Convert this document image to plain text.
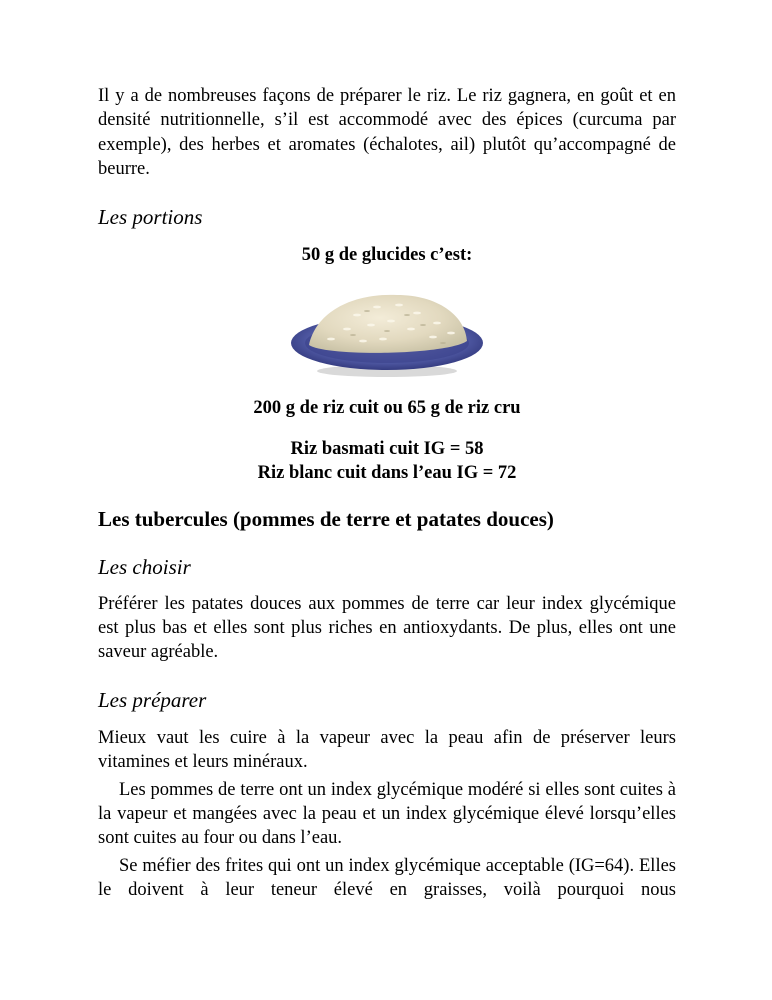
Il y a de nombreuses façons de préparer le riz. Le riz gagnera, en goût et en densité nutritionnelle, s’il est accommodé avec des épices (curcuma par exemple), des herbes et aromates (échalotes, ail) plutôt qu’accompagné de beurre.

Les portions

50 g de glucides c’est:

200 g de riz cuit ou 65 g de riz cru

Riz basmati cuit IG = 58

Riz blanc cuit dans l’eau IG = 72

Les tubercules (pommes de terre et patates douces)
Les choisir

Préférer les patates douces aux pommes de terre car leur index glycémique est plus bas et elles sont plus riches en antioxydants. De plus, elles ont une saveur agréable.

Les préparer

Mieux vaut les cuire à la vapeur avec la peau afin de préserver leurs vitamines et leurs minéraux.

Les pommes de terre ont un index glycémique modéré si elles sont cuites à la vapeur et mangées avec la peau et un index glycémique élevé lorsqu’elles sont cuites au four ou dans l’eau.

Se méfier des frites qui ont un index glycémique acceptable (IG=64). Elles le doivent à leur teneur élevé en graisses, voilà pourquoi nous
